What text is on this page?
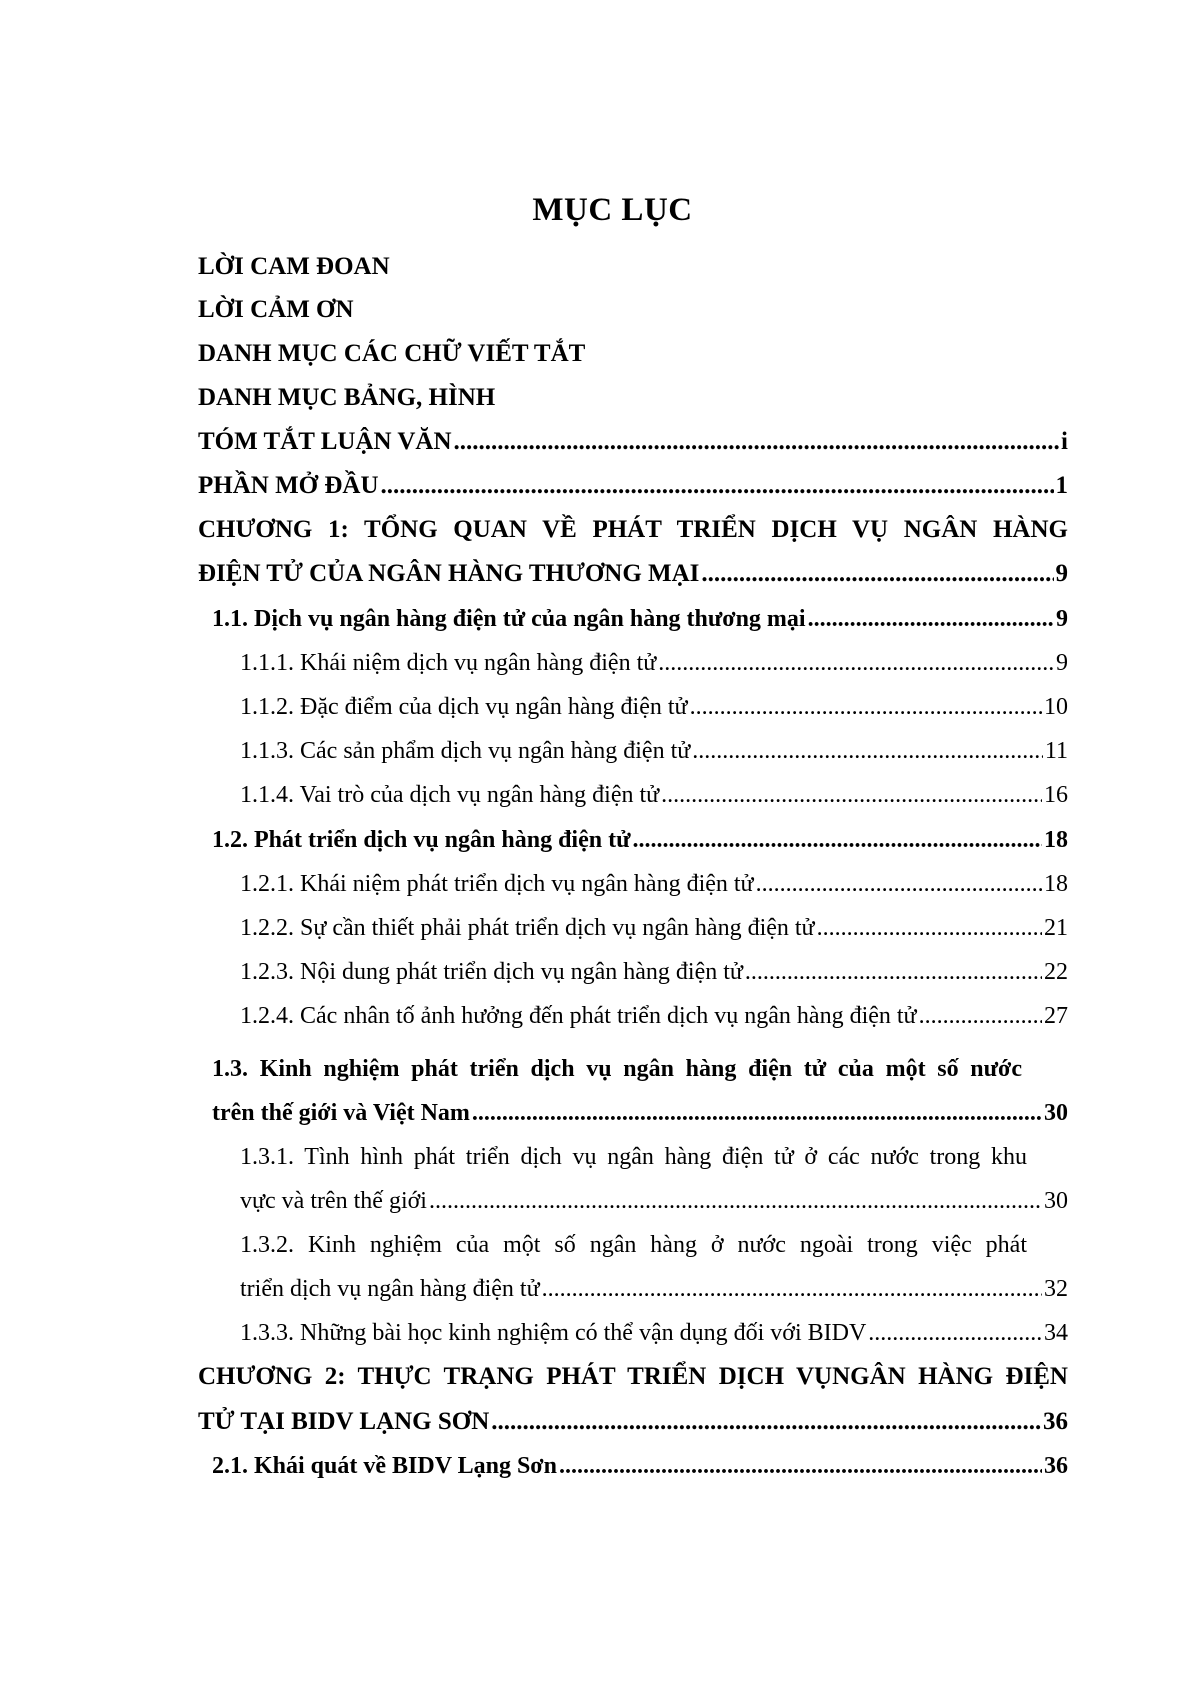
MỤC LỤC
LỜI CAM ĐOAN
LỜI CẢM ƠN
DANH MỤC CÁC CHỮ VIẾT TẮT
DANH MỤC BẢNG, HÌNH
TÓM TẮT LUẬN VĂN .....	i
PHẦN MỞ ĐẦU .....	1
CHƯƠNG 1: TỔNG QUAN VỀ PHÁT TRIỂN DỊCH VỤ NGÂN HÀNG
ĐIỆN TỬ CỦA NGÂN HÀNG THƯƠNG MẠI .....	9
1.1. Dịch vụ ngân hàng điện tử của ngân hàng thương mại .....	9
1.1.1. Khái niệm dịch vụ ngân hàng điện tử .....	9
1.1.2. Đặc điểm của dịch vụ ngân hàng điện tử .....	10
1.1.3. Các sản phẩm dịch vụ ngân hàng điện tử .....	11
1.1.4. Vai trò của dịch vụ ngân hàng điện tử .....	16
1.2. Phát triển dịch vụ ngân hàng điện tử .....	18
1.2.1. Khái niệm phát triển dịch vụ ngân hàng điện tử .....	18
1.2.2. Sự cần thiết phải phát triển dịch vụ ngân hàng điện tử .....	21
1.2.3. Nội dung phát triển dịch vụ ngân hàng điện tử .....	22
1.2.4. Các nhân tố ảnh hưởng đến phát triển dịch vụ ngân hàng điện tử .....	27
1.3. Kinh nghiệm phát triển dịch vụ ngân hàng điện tử của một số nước
trên thế giới và Việt Nam .....	30
1.3.1. Tình hình phát triển dịch vụ ngân hàng điện tử ở các nước trong khu
vực và trên thế giới .....	30
1.3.2. Kinh nghiệm của một số ngân hàng ở nước ngoài trong việc phát
triển dịch vụ ngân hàng điện tử .....	32
1.3.3. Những bài học kinh nghiệm có thể vận dụng đối với BIDV .....	34
CHƯƠNG 2: THỰC TRẠNG PHÁT TRIỂN DỊCH VỤNGÂN HÀNG ĐIỆN
TỬ TẠI BIDV LẠNG SƠN .....	36
2.1. Khái quát về BIDV Lạng Sơn .....	36
